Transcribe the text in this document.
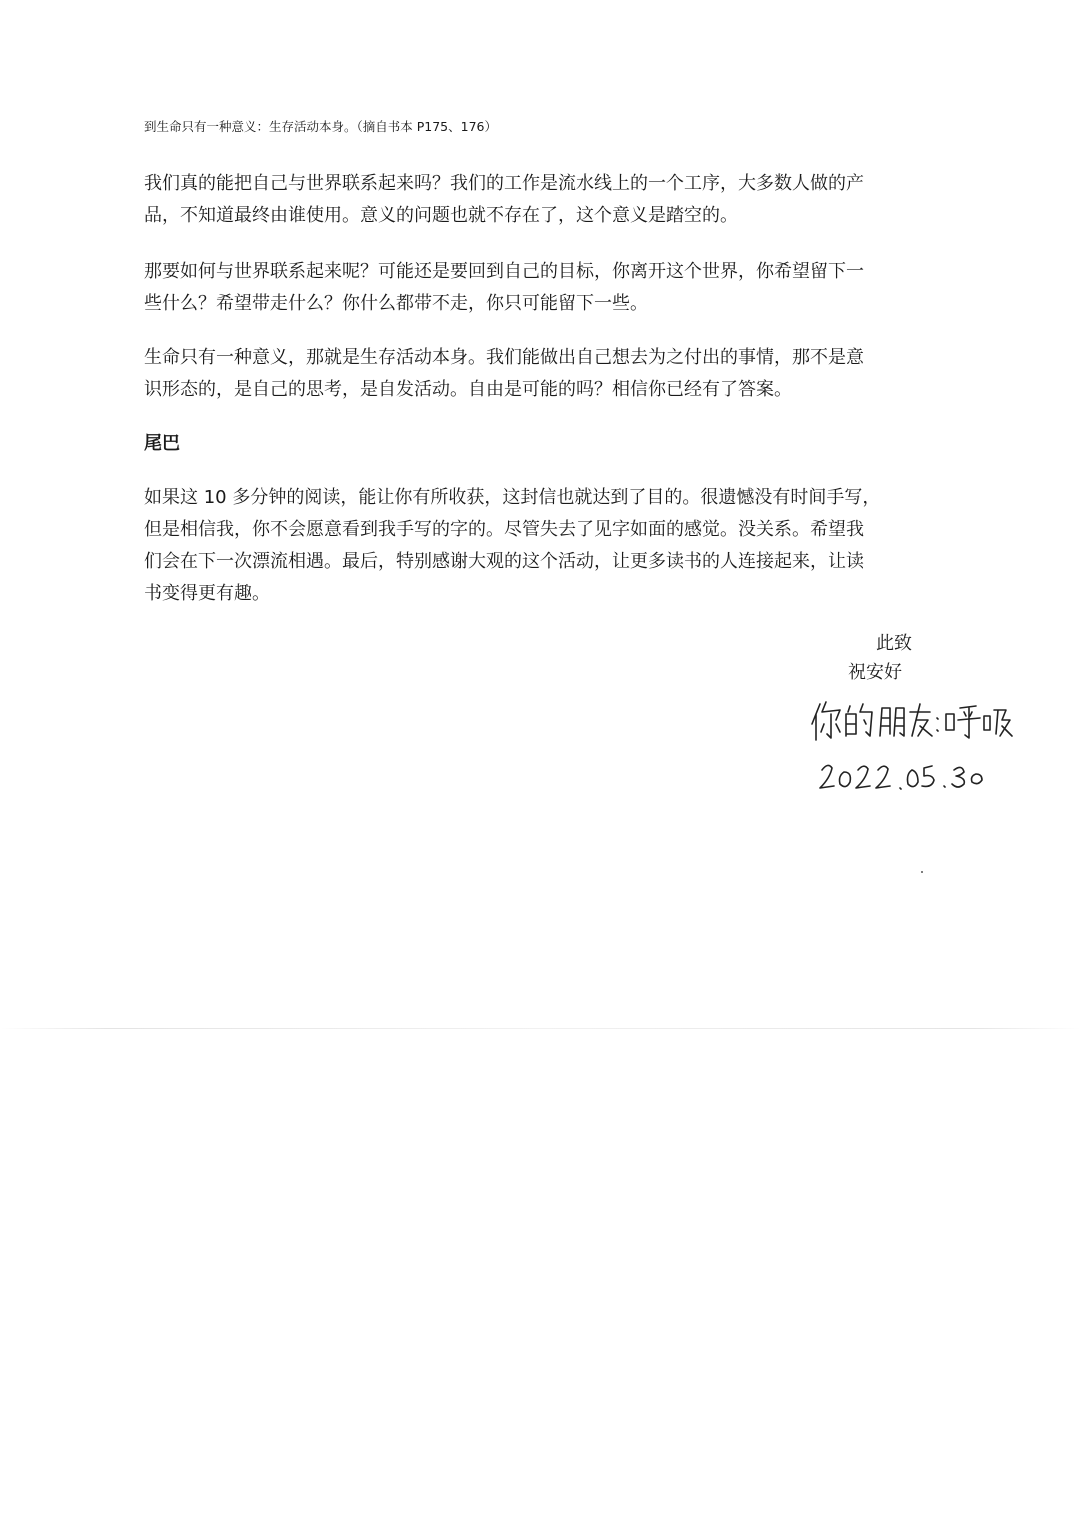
到生命只有一种意义：生存活动本身。（摘自书本 P175、176）

我们真的能把自己与世界联系起来吗？我们的工作是流水线上的一个工序，大多数人做的产
品，不知道最终由谁使用。意义的问题也就不存在了，这个意义是踏空的。

那要如何与世界联系起来呢？可能还是要回到自己的目标，你离开这个世界，你希望留下一
些什么？希望带走什么？你什么都带不走，你只可能留下一些。

生命只有一种意义，那就是生存活动本身。我们能做出自己想去为之付出的事情，那不是意
识形态的，是自己的思考，是自发活动。自由是可能的吗？相信你已经有了答案。

尾巴

如果这 10 多分钟的阅读，能让你有所收获，这封信也就达到了目的。很遗憾没有时间手写，
但是相信我，你不会愿意看到我手写的字的。尽管失去了见字如面的感觉。没关系。希望我
们会在下一次漂流相遇。最后，特别感谢大观的这个活动，让更多读书的人连接起来，让读
书变得更有趣。

此致
祝安好
